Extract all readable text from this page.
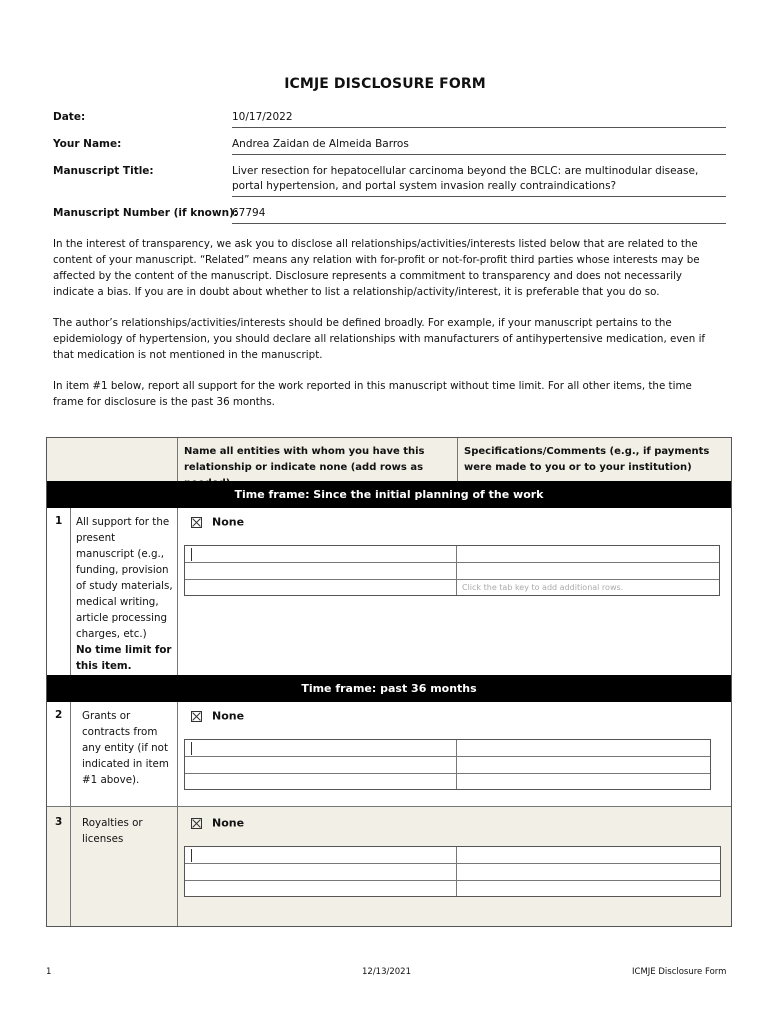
ICMJE DISCLOSURE FORM
Date:	10/17/2022
Your Name:	Andrea Zaidan de Almeida Barros
Manuscript Title:	Liver resection for hepatocellular carcinoma beyond the BCLC: are multinodular disease, portal hypertension, and portal system invasion really contraindications?
Manuscript Number (if known):
67794
In the interest of transparency, we ask you to disclose all relationships/activities/interests listed below that are related to the content of your manuscript. “Related” means any relation with for-profit or not-for-profit third parties whose interests may be affected by the content of the manuscript. Disclosure represents a commitment to transparency and does not necessarily indicate a bias. If you are in doubt about whether to list a relationship/activity/interest, it is preferable that you do so.
The author’s relationships/activities/interests should be defined broadly. For example, if your manuscript pertains to the epidemiology of hypertension, you should declare all relationships with manufacturers of antihypertensive medication, even if that medication is not mentioned in the manuscript.
In item #1 below, report all support for the work reported in this manuscript without time limit. For all other items, the time frame for disclosure is the past 36 months.
Name all entities with whom you have this relationship or indicate none (add rows as
Specifications/Comments (e.g., if payments were made to you or to your institution)
Time frame: Since the initial planning of the work
1 All support for the present manuscript (e.g., funding, provision of study materials, medical writing, article processing charges, etc.)
No time limit for this item.
None
Click the tab key to add additional rows.
Time frame: past 36 months
2 Grants or contracts from any entity (if not indicated in item #1 above).
None
3 Royalties or licenses
None
1	12/13/2021	ICMJE Disclosure Form
